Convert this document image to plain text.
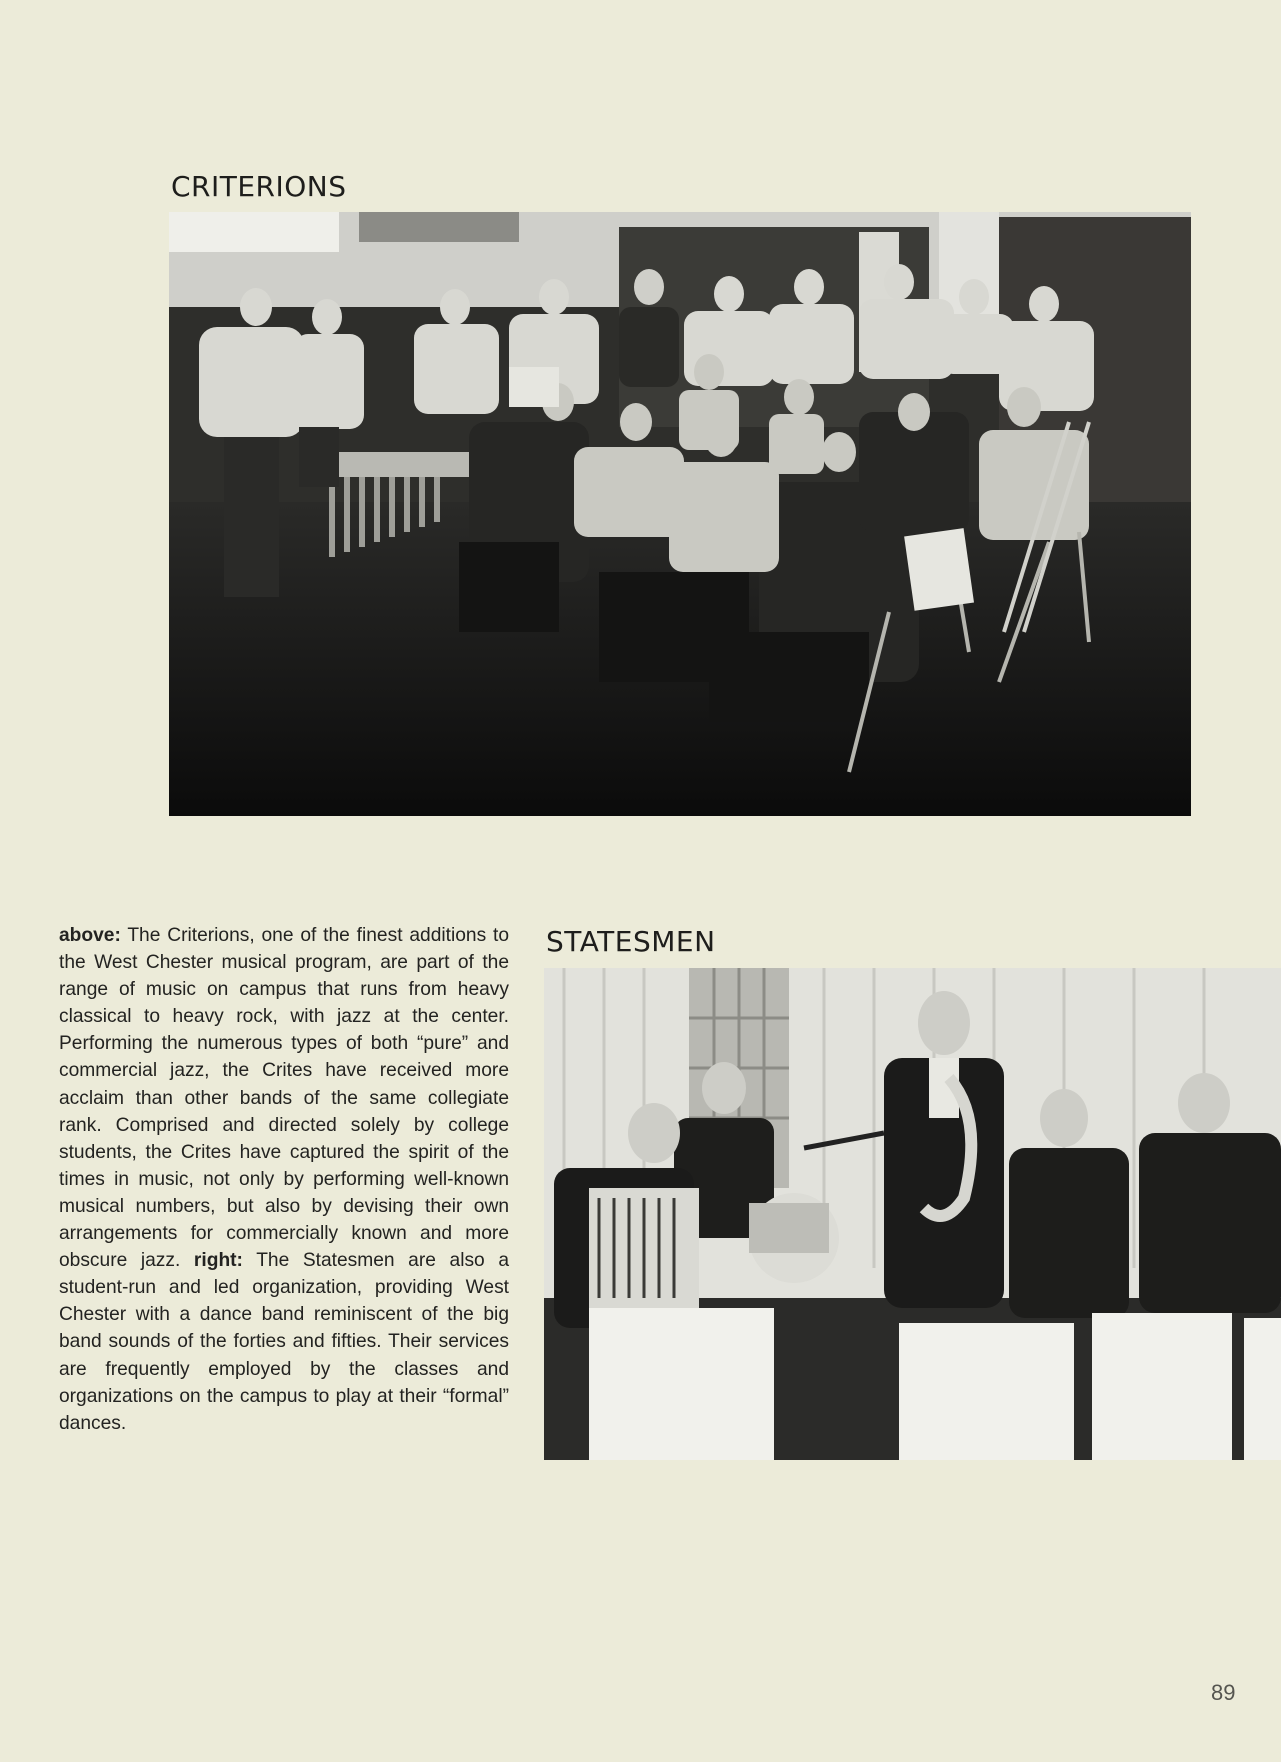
CRITERIONS
above: The Criterions, one of the finest additions to the West Chester musical program, are part of the range of music on campus that runs from heavy classical to heavy rock, with jazz at the center. Performing the numerous types of both “pure” and commercial jazz, the Crites have received more acclaim than other bands of the same collegiate rank. Comprised and directed solely by college students, the Crites have captured the spirit of the times in music, not only by performing well-known musical numbers, but also by devising their own arrangements for commercially known and more obscure jazz. right: The Statesmen are also a student-run and led organization, providing West Chester with a dance band reminiscent of the big band sounds of the forties and fifties. Their services are frequently employed by the classes and organizations on the campus to play at their “formal” dances.
STATESMEN
89
